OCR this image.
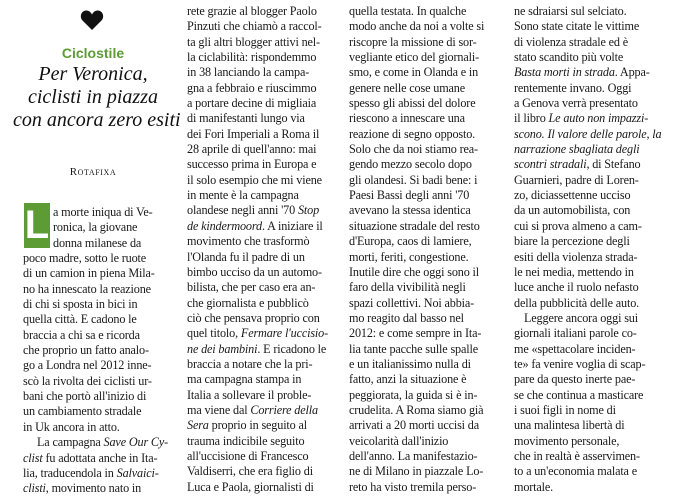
Ciclostile
Per Veronica,
ciclisti in piazza
con ancora zero esiti
Rotafixa
L a morte iniqua di Ve-
ronica, la giovane
donna milanese da
poco madre, sotto le ruote
di un camion in piena Mila-
no ha innescato la reazione
di chi si sposta in bici in
quella città. E cadono le
braccia a chi sa e ricorda
che proprio un fatto analo-
go a Londra nel 2012 inne-
scò la rivolta dei ciclisti ur-
bani che portò all'inizio di
un cambiamento stradale
in Uk ancora in atto.
La campagna Save Our Cy-
clist fu adottata anche in Ita-
lia, traducendola in Salvaici-
clisti, movimento nato in
rete grazie al blogger Paolo
Pinzuti che chiamò a raccol-
ta gli altri blogger attivi nel-
la ciclabilità: rispondemmo
in 38 lanciando la campa-
gna a febbraio e riuscimmo
a portare decine di migliaia
di manifestanti lungo via
dei Fori Imperiali a Roma il
28 aprile di quell'anno: mai
successo prima in Europa e
il solo esempio che mi viene
in mente è la campagna
olandese negli anni '70 Stop
de kindermoord. A iniziare il
movimento che trasformò
l'Olanda fu il padre di un
bimbo ucciso da un automo-
bilista, che per caso era an-
che giornalista e pubblicò
ciò che pensava proprio con
quel titolo, Fermare l'uccisio-
ne dei bambini. E ricadono le
braccia a notare che la pri-
ma campagna stampa in
Italia a sollevare il proble-
ma viene dal Corriere della
Sera proprio in seguito al
trauma indicibile seguito
all'uccisione di Francesco
Valdiserri, che era figlio di
Luca e Paola, giornalisti di
quella testata. In qualche
modo anche da noi a volte si
riscopre la missione di sor-
vegliante etico del giornali-
smo, e come in Olanda e in
genere nelle cose umane
spesso gli abissi del dolore
riescono a innescare una
reazione di segno opposto.
Solo che da noi stiamo rea-
gendo mezzo secolo dopo
gli olandesi. Si badi bene: i
Paesi Bassi degli anni '70
avevano la stessa identica
situazione stradale del resto
d'Europa, caos di lamiere,
morti, feriti, congestione.
Inutile dire che oggi sono il
faro della vivibilità negli
spazi collettivi. Noi abbia-
mo reagito dal basso nel
2012: e come sempre in Ita-
lia tante pacche sulle spalle
e un italianissimo nulla di
fatto, anzi la situazione è
peggiorata, la guida si è in-
crudelita. A Roma siamo già
arrivati a 20 morti uccisi da
veicolarità dall'inizio
dell'anno. La manifestazio-
ne di Milano in piazzale Lo-
reto ha visto tremila perso-
ne sdraiarsi sul selciato.
Sono state citate le vittime
di violenza stradale ed è
stato scandito più volte
Basta morti in strada. Appa-
rentemente invano. Oggi
a Genova verrà presentato
il libro Le auto non impazzi-
scono. Il valore delle parole, la
narrazione sbagliata degli
scontri stradali, di Stefano
Guarnieri, padre di Loren-
zo, diciassettenne ucciso
da un automobilista, con
cui si prova almeno a cam-
biare la percezione degli
esiti della violenza strada-
le nei media, mettendo in
luce anche il ruolo nefasto
della pubblicità delle auto.
Leggere ancora oggi sui
giornali italiani parole co-
me «spettacolare inciden-
te» fa venire voglia di scap-
pare da questo inerte pae-
se che continua a masticare
i suoi figli in nome di
una malintesa libertà di
movimento personale,
che in realtà è asservimen-
to a un'economia malata e
mortale.
